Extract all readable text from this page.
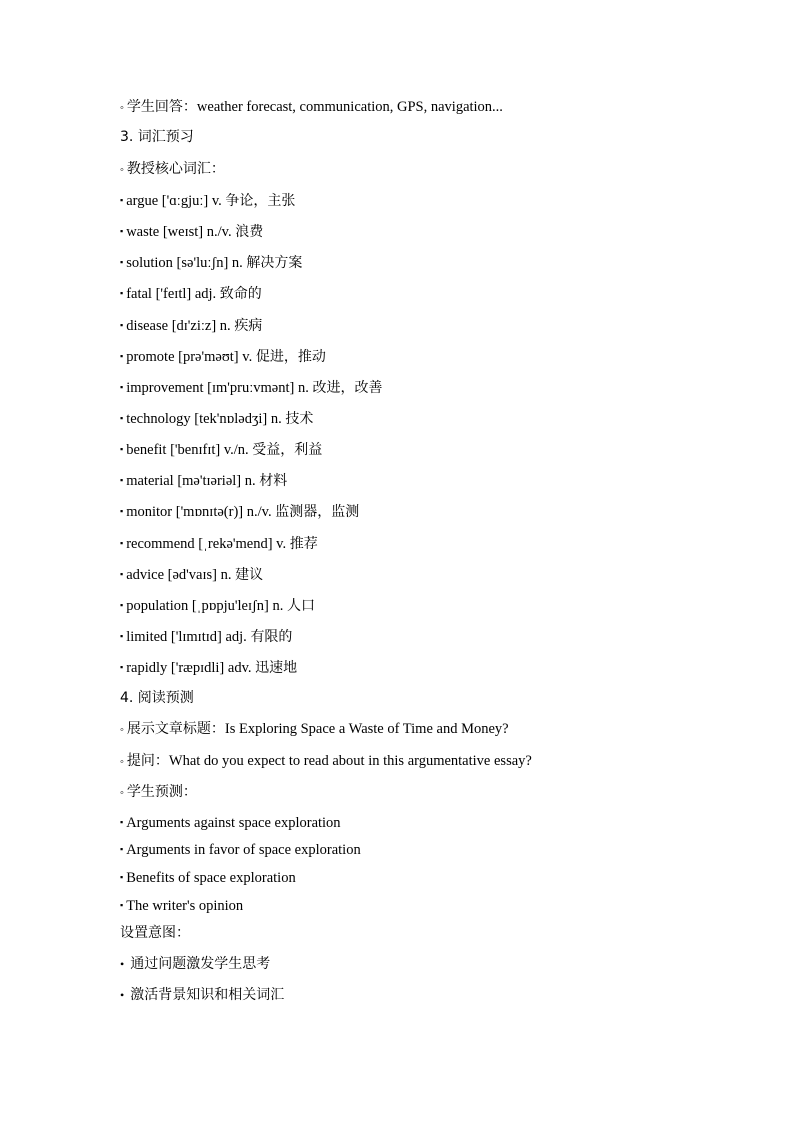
◦ 学生回答：weather forecast, communication, GPS, navigation...
3. 词汇预习
◦ 教授核心词汇：
▪ argue ['ɑːgjuː] v. 争论，主张
▪ waste [weɪst] n./v. 浪费
▪ solution [sə'luːʃn] n. 解决方案
▪ fatal ['feɪtl] adj. 致命的
▪ disease [dɪ'ziːz] n. 疾病
▪ promote [prə'məʊt] v. 促进，推动
▪ improvement [ɪm'pruːvmənt] n. 改进，改善
▪ technology [tek'nɒlədʒi] n. 技术
▪ benefit ['benɪfɪt] v./n. 受益，利益
▪ material [mə'tɪəriəl] n. 材料
▪ monitor ['mɒnɪtə(r)] n./v. 监测器，监测
▪ recommend [ˌrekə'mend] v. 推荐
▪ advice [əd'vaɪs] n. 建议
▪ population [ˌpɒpju'leɪʃn] n. 人口
▪ limited ['lɪmɪtɪd] adj. 有限的
▪ rapidly ['ræpɪdli] adv. 迅速地
4. 阅读预测
◦ 展示文章标题：Is Exploring Space a Waste of Time and Money?
◦ 提问：What do you expect to read about in this argumentative essay?
◦ 学生预测：
▪ Arguments against space exploration
▪ Arguments in favor of space exploration
▪ Benefits of space exploration
▪ The writer's opinion
设置意图：
• 通过问题激发学生思考
• 激活背景知识和相关词汇
